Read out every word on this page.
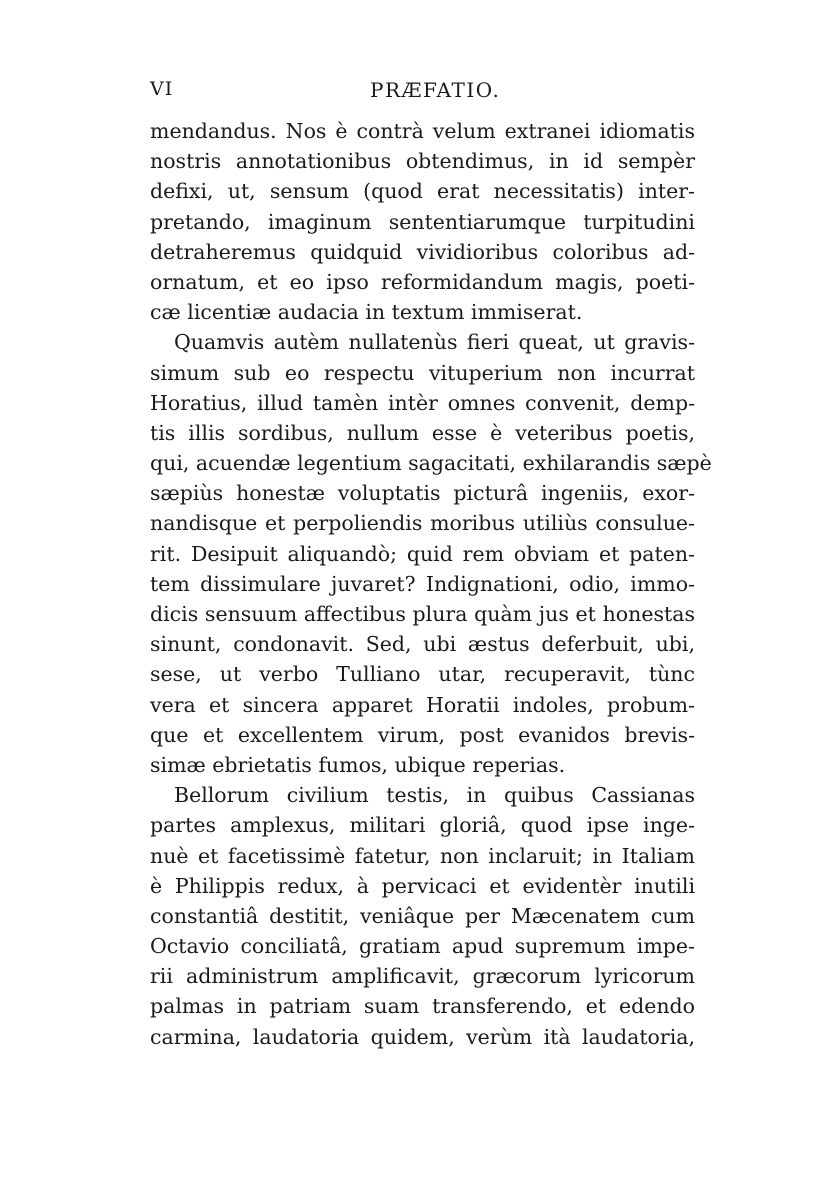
VI	PRÆFATIO.
mendandus. Nos è contrà velum extranei idiomatis
nostris annotationibus obtendimus, in id sempèr
defixi, ut, sensum (quod erat necessitatis) inter-
pretando, imaginum sententiarumque turpitudini
detraheremus quidquid vividioribus coloribus ad-
ornatum, et eo ipso reformidandum magis, poeti-
cæ licentiæ audacia in textum immiserat.
Quamvis autèm nullatenùs fieri queat, ut gravis-
simum sub eo respectu vituperium non incurrat
Horatius, illud tamèn intèr omnes convenit, demp-
tis illis sordibus, nullum esse è veteribus poetis,
qui, acuendæ legentium sagacitati, exhilarandis sæpè
sæpiùs honestæ voluptatis picturâ ingeniis, exor-
nandisque et perpoliendis moribus utiliùs consulue-
rit. Desipuit aliquandò; quid rem obviam et paten-
tem dissimulare juvaret? Indignationi, odio, immo-
dicis sensuum affectibus plura quàm jus et honestas
sinunt, condonavit. Sed, ubi æstus deferbuit, ubi,
sese, ut verbo Tulliano utar, recuperavit, tùnc
vera et sincera apparet Horatii indoles, probum-
que et excellentem virum, post evanidos brevis-
simæ ebrietatis fumos, ubique reperias.
Bellorum civilium testis, in quibus Cassianas
partes amplexus, militari gloriâ, quod ipse inge-
nuè et facetissimè fatetur, non inclaruit; in Italiam
è Philippis redux, à pervicaci et evidentèr inutili
constantiâ destitit, veniâque per Mæcenatem cum
Octavio conciliatâ, gratiam apud supremum impe-
rii administrum amplificavit, græcorum lyricorum
palmas in patriam suam transferendo, et edendo
carmina, laudatoria quidem, verùm ità laudatoria,
